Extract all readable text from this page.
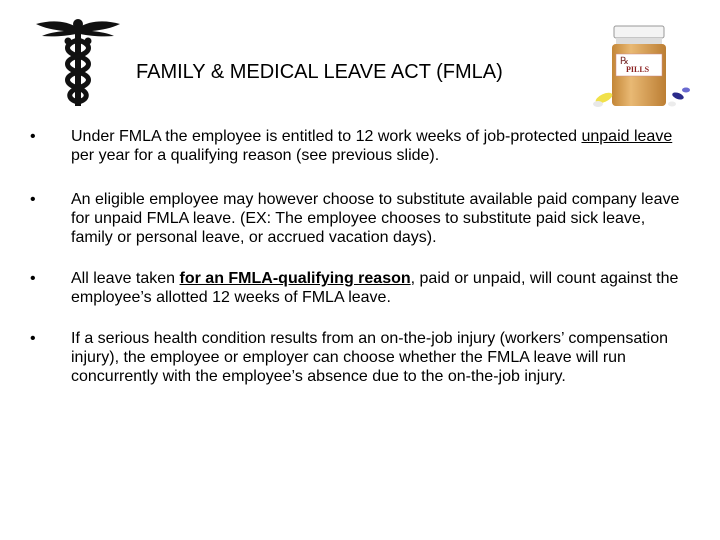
FAMILY & MEDICAL LEAVE ACT (FMLA)	℞
PILLS
•	Under FMLA the employee is entitled to 12 work weeks of job-protected unpaid leave per year for a qualifying reason (see previous slide).
•	An eligible employee may however choose to substitute available paid company leave for unpaid FMLA leave. (EX: The employee chooses to substitute paid sick leave, family or personal leave, or accrued vacation days).
•	All leave taken for an FMLA-qualifying reason, paid or unpaid, will count against the employee’s allotted 12 weeks of FMLA leave.
•	If a serious health condition results from an on-the-job injury (workers’ compensation injury), the employee or employer can choose whether the FMLA leave will run concurrently with the employee’s absence due to the on-the-job injury.
